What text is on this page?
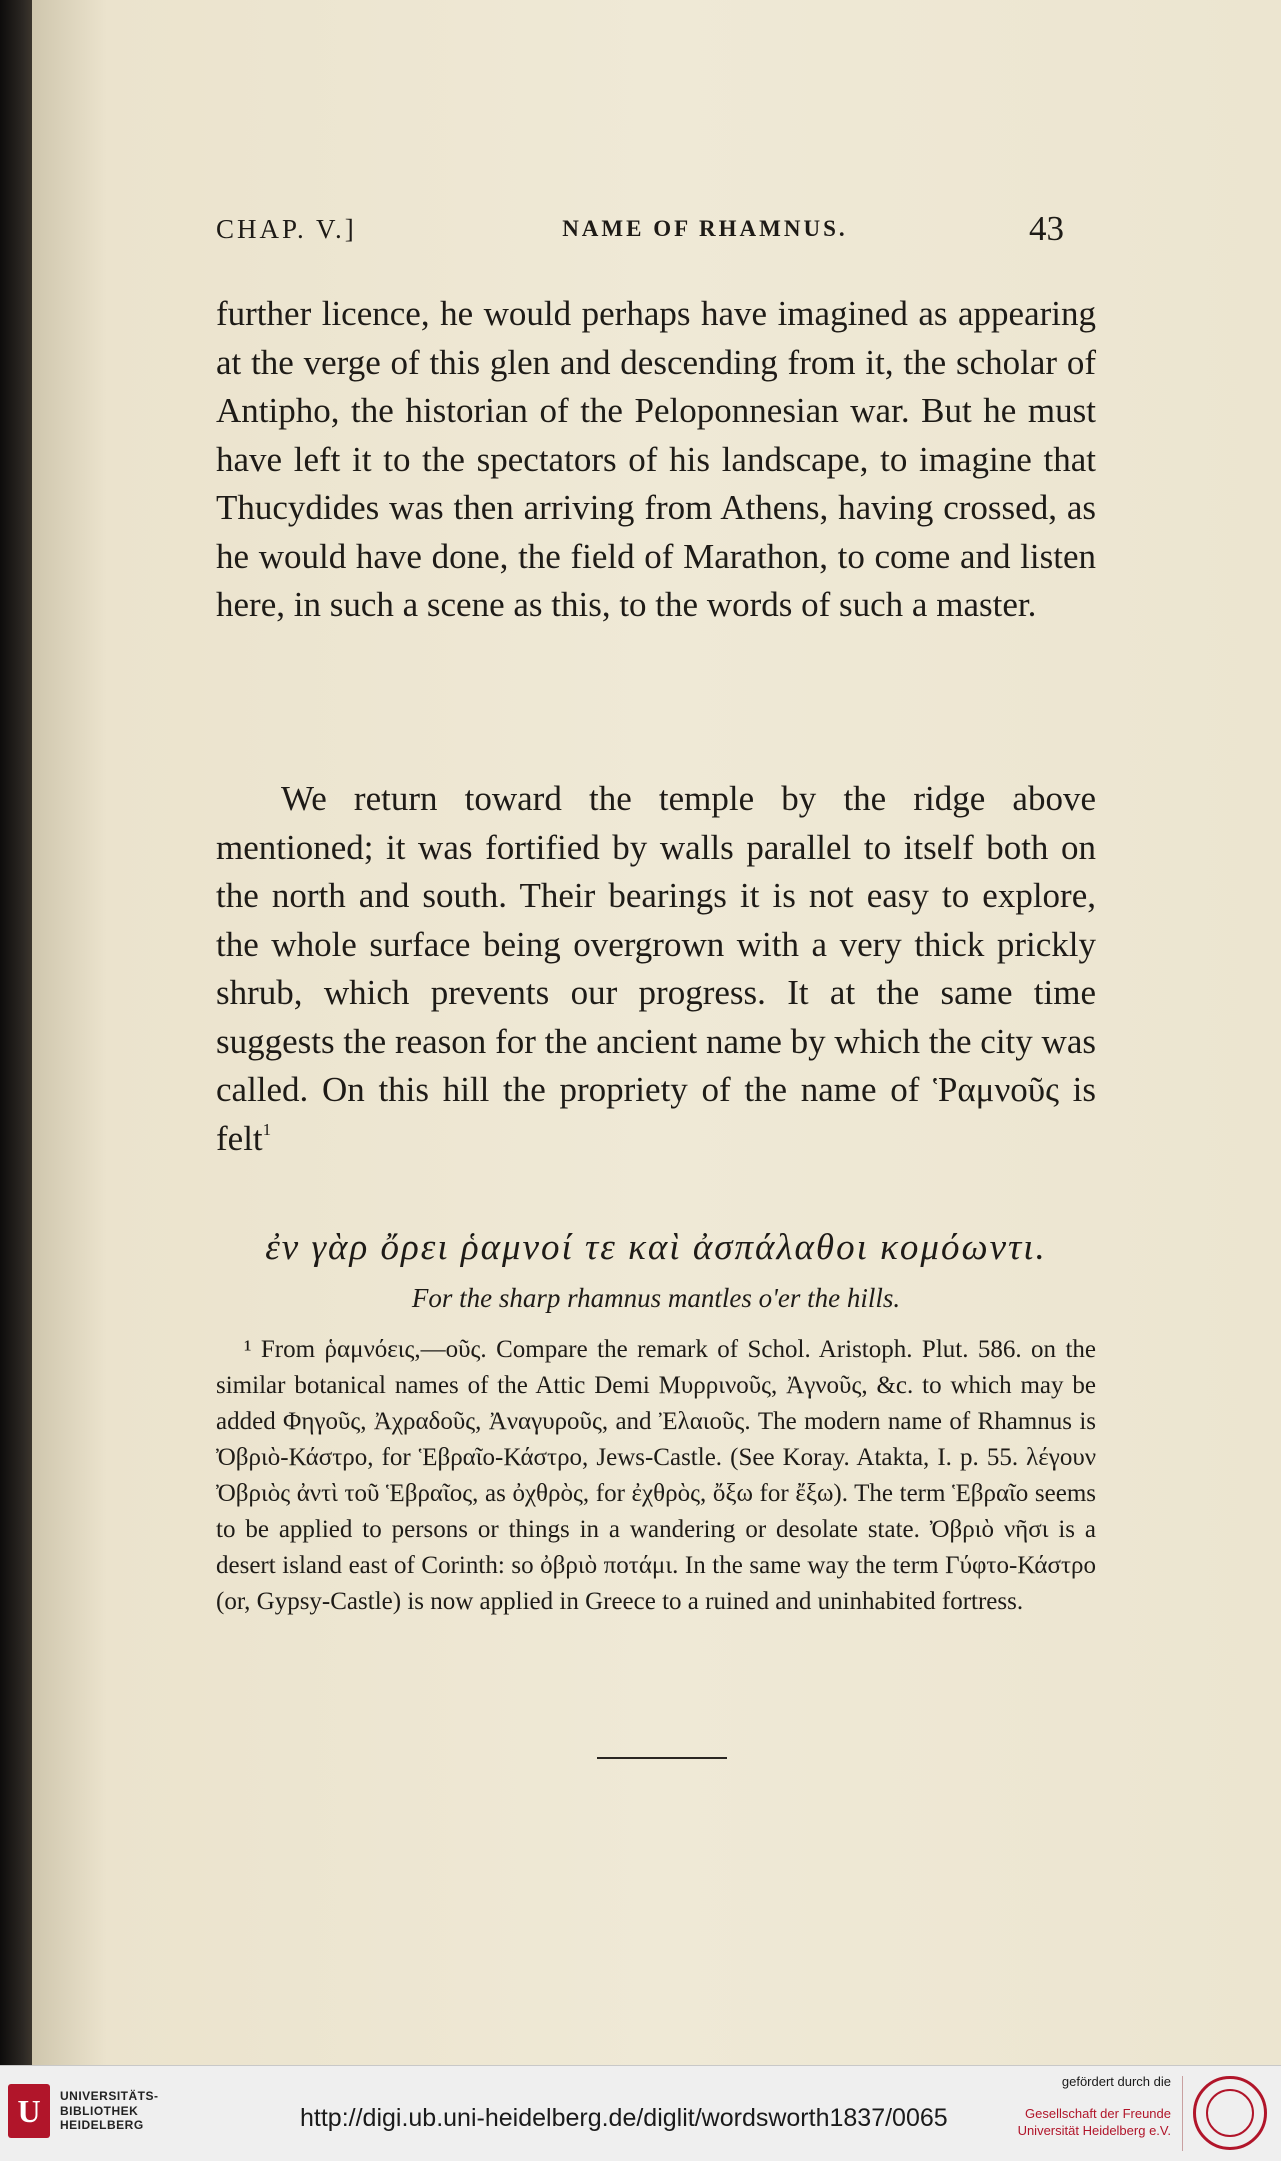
CHAP. V.]	NAME OF RHAMNUS.	43

further licence, he would perhaps have imagined as appearing at the verge of this glen and descending from it, the scholar of Antipho, the historian of the Peloponnesian war. But he must have left it to the spectators of his landscape, to imagine that Thucydides was then arriving from Athens, having crossed, as he would have done, the field of Marathon, to come and listen here, in such a scene as this, to the words of such a master.

We return toward the temple by the ridge above mentioned; it was fortified by walls parallel to itself both on the north and south. Their bearings it is not easy to explore, the whole surface being overgrown with a very thick prickly shrub, which prevents our progress. It at the same time suggests the reason for the ancient name by which the city was called. On this hill the propriety of the name of Ῥαμνοῦς is felt$^1$

ἐν γὰρ ὄρει ῥαμνοί τε καὶ ἀσπάλαθοι κομόωντι.
For the sharp rhamnus mantles o'er the hills.

¹ From ῥαμνόεις,—οῦς. Compare the remark of Schol. Aristoph. Plut. 586. on the similar botanical names of the Attic Demi Μυρρινοῦς, Ἀγνοῦς, &c. to which may be added Φηγοῦς, Ἀχραδοῦς, Ἀναγυροῦς, and Ἐλαιοῦς. The modern name of Rhamnus is Ὀβριὸ-Κάστρο, for Ἑβραῖο-Κάστρο, Jews-Castle. (See Koray. Atakta, I. p. 55. λέγουν Ὀβριὸς ἀντὶ τοῦ Ἑβραῖος, as ὀχθρὸς, for ἐχθρὸς, ὄξω for ἔξω). The term Ἑβραῖο seems to be applied to persons or things in a wandering or desolate state. Ὀβριὸ νῆσι is a desert island east of Corinth: so ὀβριὸ ποτάμι. In the same way the term Γύφτο-Κάστρο (or, Gypsy-Castle) is now applied in Greece to a ruined and uninhabited fortress.

U	UNIVERSITÄTS-
BIBLIOTHEK
HEIDELBERG	http://digi.ub.uni-heidelberg.de/diglit/wordsworth1837/0065
gefördert durch die
Gesellschaft der Freunde
Universität Heidelberg e.V.
